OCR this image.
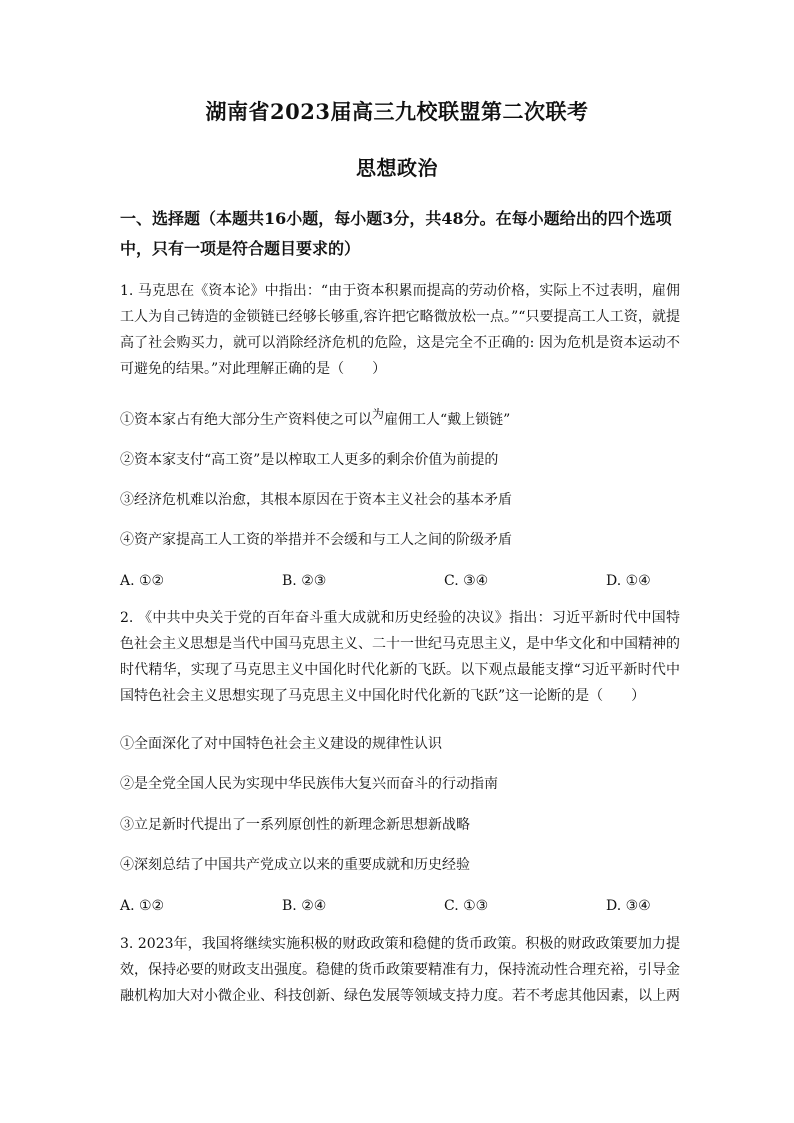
湖南省2023届高三九校联盟第二次联考
思想政治
一、选择题（本题共16小题，每小题3分，共48分。在每小题给出的四个选项中，只有一项是符合题目要求的）
1. 马克思在《资本论》中指出：“由于资本积累而提高的劳动价格，实际上不过表明，雇佣工人为自己铸造的金锁链已经够长够重,容许把它略微放松一点。”“只要提高工人工资，就提高了社会购买力，就可以消除经济危机的危险，这是完全不正确的: 因为危机是资本运动不可避免的结果。”对此理解正确的是（　　）
①资本家占有绝大部分生产资料使之可以为雇佣工人“戴上锁链”
②资本家支付“高工资”是以榨取工人更多的剩余价值为前提的
③经济危机难以治愈，其根本原因在于资本主义社会的基本矛盾
④资产家提高工人工资的举措并不会缓和与工人之间的阶级矛盾
A. ①②	B. ②③	C. ③④	D. ①④
2. 《中共中央关于党的百年奋斗重大成就和历史经验的决议》指出：习近平新时代中国特色社会主义思想是当代中国马克思主义、二十一世纪马克思主义，是中华文化和中国精神的时代精华，实现了马克思主义中国化时代化新的飞跃。以下观点最能支撑“习近平新时代中国特色社会主义思想实现了马克思主义中国化时代化新的飞跃”这一论断的是（　　）
①全面深化了对中国特色社会主义建设的规律性认识
②是全党全国人民为实现中华民族伟大复兴而奋斗的行动指南
③立足新时代提出了一系列原创性的新理念新思想新战略
④深刻总结了中国共产党成立以来的重要成就和历史经验
A. ①②	B. ②④	C. ①③	D. ③④
3. 2023年，我国将继续实施积极的财政政策和稳健的货币政策。积极的财政政策要加力提效，保持必要的财政支出强度。稳健的货币政策要精准有力，保持流动性合理充裕，引导金融机构加大对小微企业、科技创新、绿色发展等领域支持力度。若不考虑其他因素，以上两
